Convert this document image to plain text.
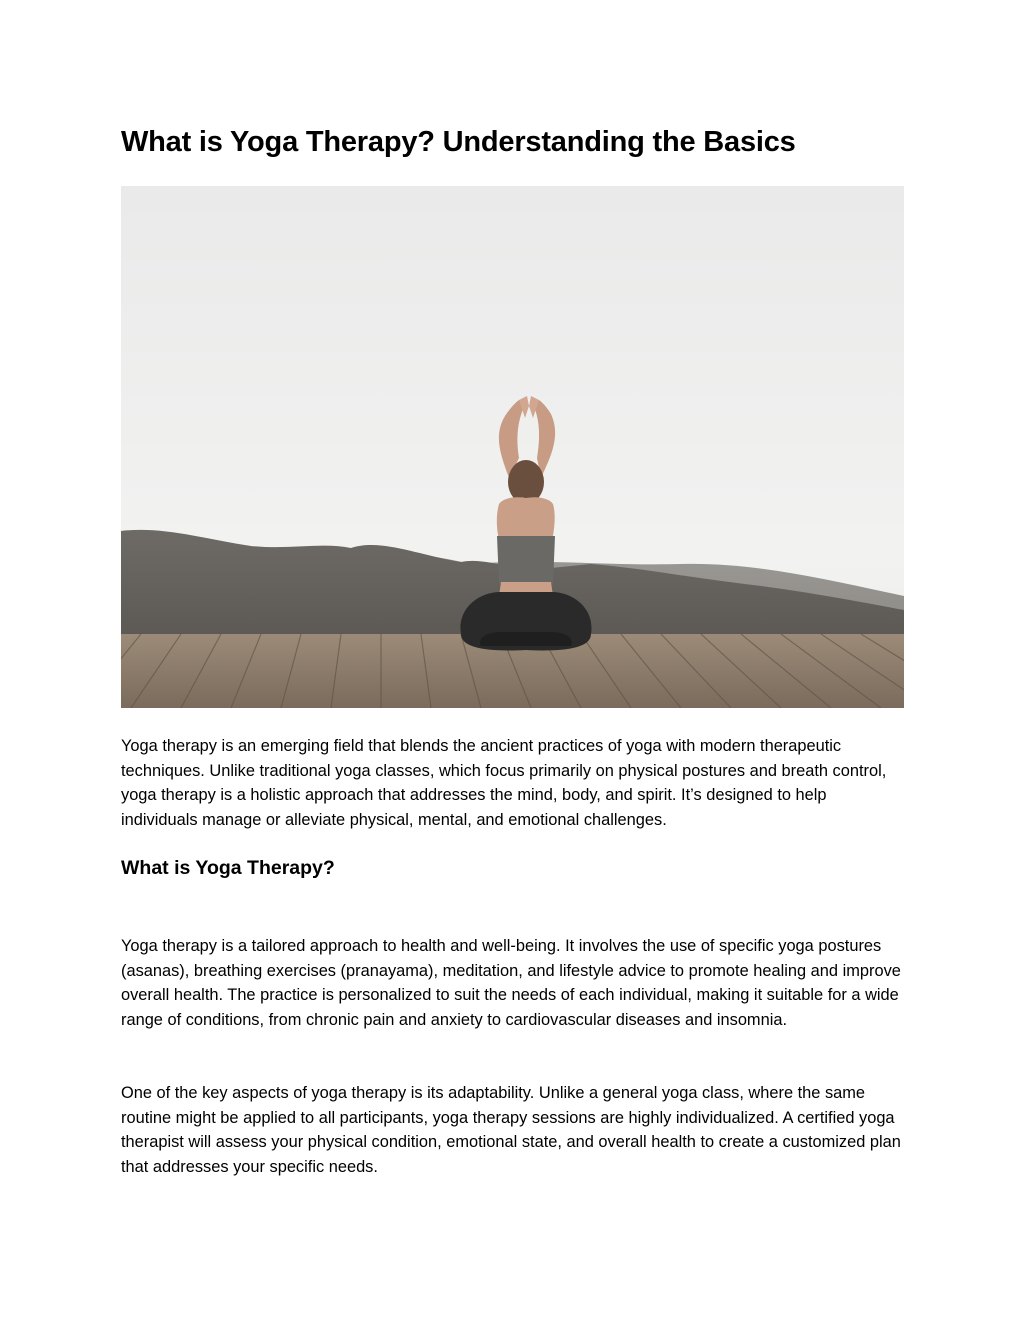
What is Yoga Therapy? Understanding the Basics

Yoga therapy is an emerging field that blends the ancient practices of yoga with modern therapeutic techniques. Unlike traditional yoga classes, which focus primarily on physical postures and breath control, yoga therapy is a holistic approach that addresses the mind, body, and spirit. It’s designed to help individuals manage or alleviate physical, mental, and emotional challenges.

What is Yoga Therapy?

Yoga therapy is a tailored approach to health and well-being. It involves the use of specific yoga postures (asanas), breathing exercises (pranayama), meditation, and lifestyle advice to promote healing and improve overall health. The practice is personalized to suit the needs of each individual, making it suitable for a wide range of conditions, from chronic pain and anxiety to cardiovascular diseases and insomnia.

One of the key aspects of yoga therapy is its adaptability. Unlike a general yoga class, where the same routine might be applied to all participants, yoga therapy sessions are highly individualized. A certified yoga therapist will assess your physical condition, emotional state, and overall health to create a customized plan that addresses your specific needs.
